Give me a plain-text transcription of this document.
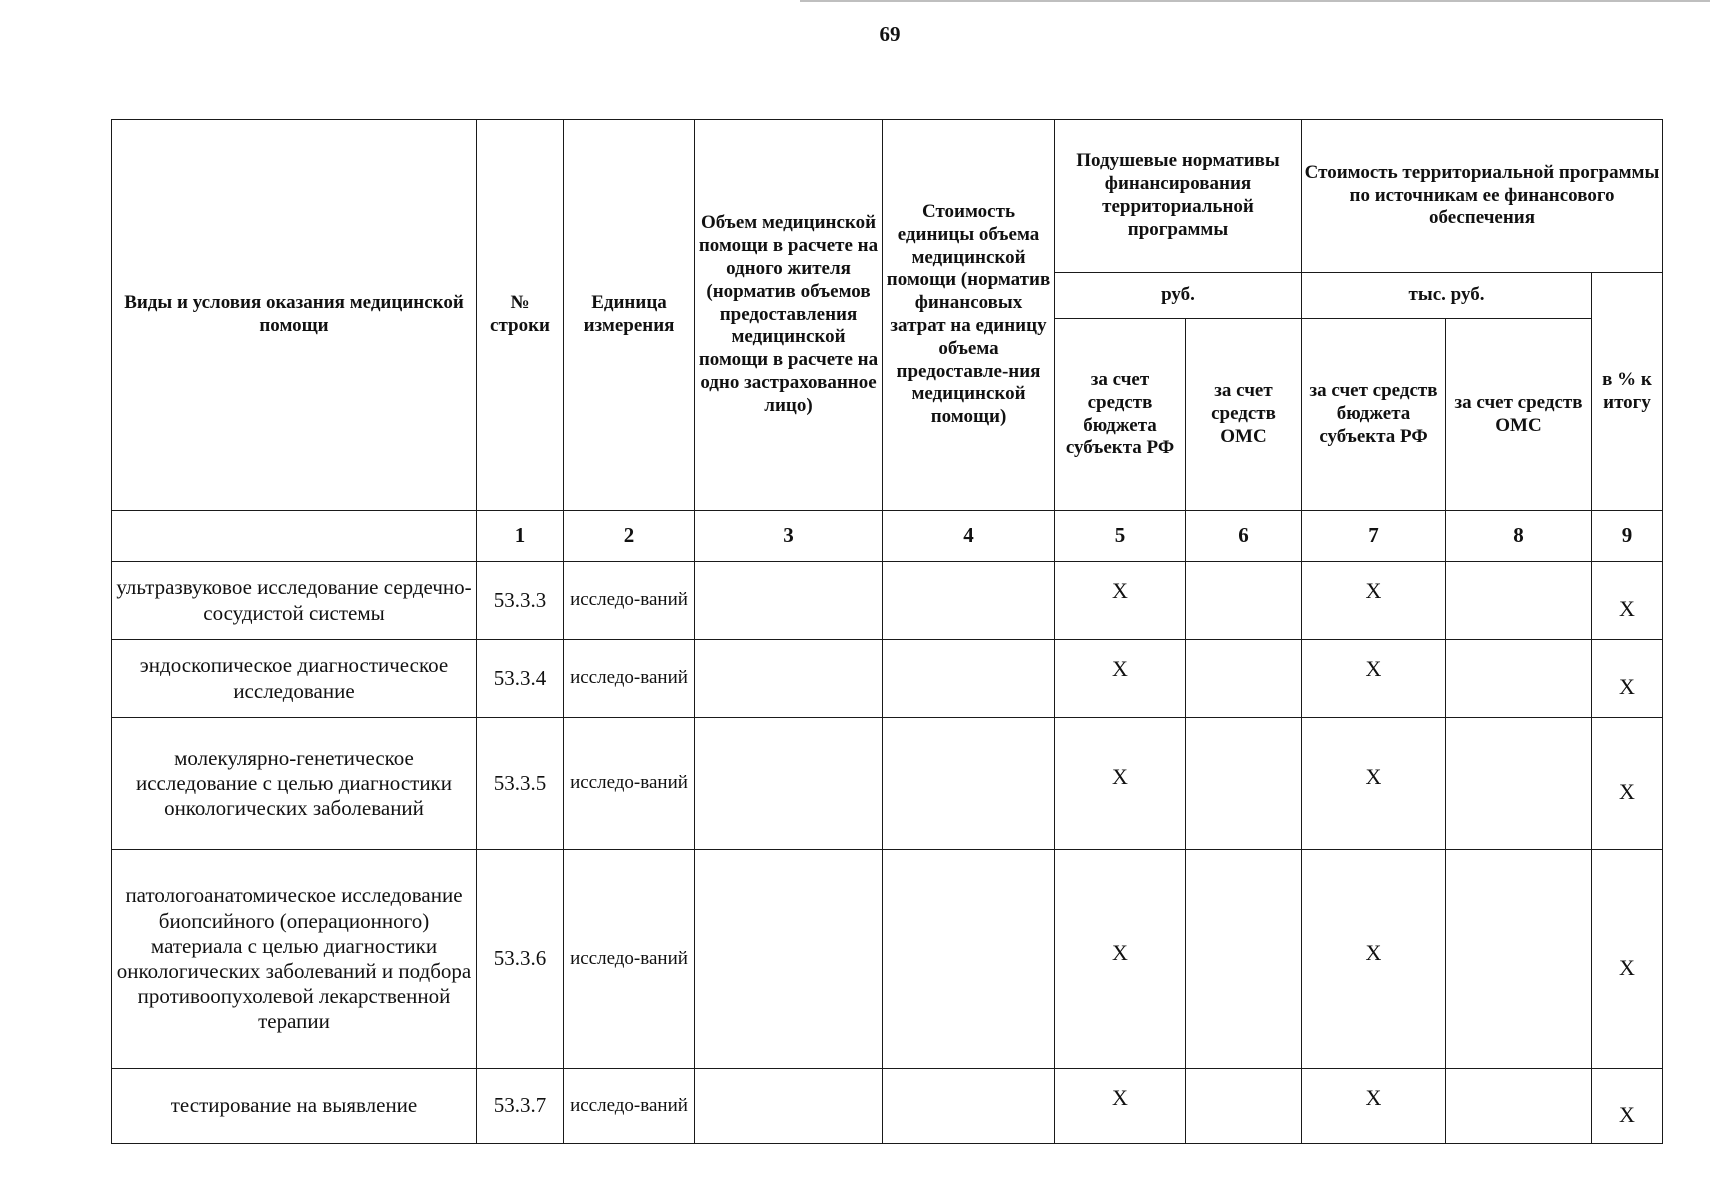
69
Виды и условия оказания медицинской помощи	№ строки	Единица измерения	Объем медицинской помощи в расчете на одного жителя (норматив объемов предоставления медицинской помощи в расчете на одно застрахованное лицо)	Стоимость единицы объема медицинской помощи (норматив финансовых затрат на единицу объема предоставле-ния медицинской помощи)	Подушевые нормативы финансирования территориальной программы		Стоимость территориальной программы по источникам ее финансового обеспечения		
					руб.		тыс. руб.		в % к итогу
					за счет средств бюджета субъекта РФ	за счет средств ОМС	за счет средств бюджета субъекта РФ	за счет средств ОМС	
	1	2	3	4	5	6	7	8	9
ультразвуковое исследование сердечно-сосудистой системы	53.3.3	исследо-ваний			X		X		X
эндоскопическое диагностическое исследование	53.3.4	исследо-ваний			X		X		X
молекулярно-генетическое исследование с целью диагностики онкологических заболеваний	53.3.5	исследо-ваний			X		X		X
патологоанатомическое исследование биопсийного (операционного) материала с целью диагностики онкологических заболеваний и подбора противоопухолевой лекарственной терапии	53.3.6	исследо-ваний			X		X		X
тестирование на выявление	53.3.7	исследо-ваний			X		X		X
